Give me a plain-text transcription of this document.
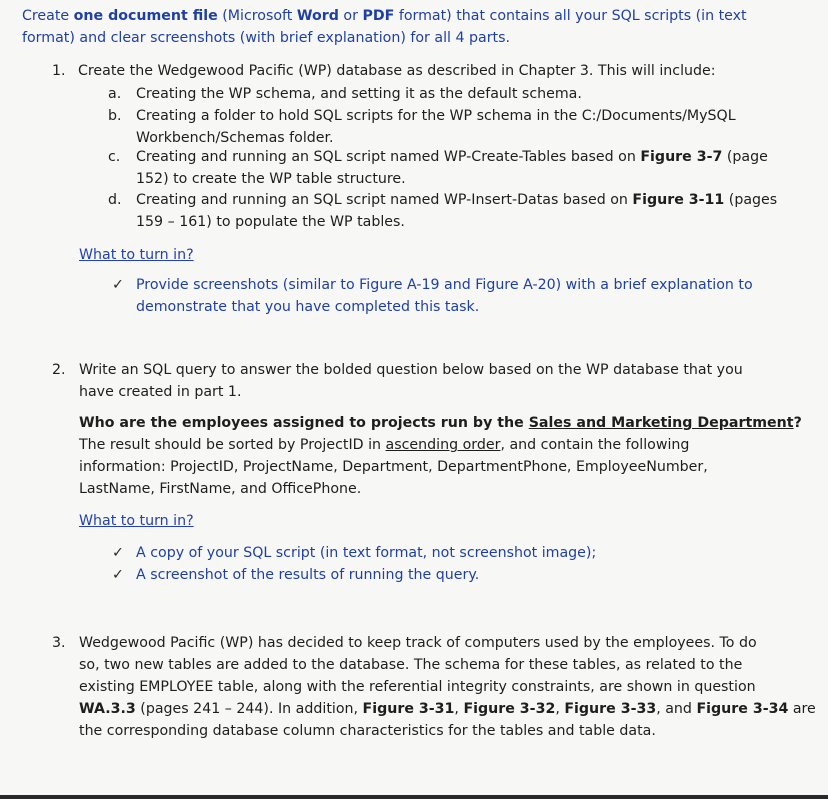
Create one document file (Microsoft Word or PDF format) that contains all your SQL scripts (in text
format) and clear screenshots (with brief explanation) for all 4 parts.
1. Create the Wedgewood Pacific (WP) database as described in Chapter 3. This will include:
a.	Creating the WP schema, and setting it as the default schema.
b.	Creating a folder to hold SQL scripts for the WP schema in the C:/Documents/MySQL
Workbench/Schemas folder.
c.	Creating and running an SQL script named WP-Create-Tables based on Figure 3-7 (page
152) to create the WP table structure.
d.	Creating and running an SQL script named WP-Insert-Datas based on Figure 3-11 (pages
159 – 161) to populate the WP tables.
What to turn in?
✓ Provide screenshots (similar to Figure A-19 and Figure A-20) with a brief explanation to
demonstrate that you have completed this task.
2. Write an SQL query to answer the bolded question below based on the WP database that you
have created in part 1.
Who are the employees assigned to projects run by the Sales and Marketing Department?
The result should be sorted by ProjectID in ascending order, and contain the following
information: ProjectID, ProjectName, Department, DepartmentPhone, EmployeeNumber,
LastName, FirstName, and OfficePhone.
What to turn in?
✓ A copy of your SQL script (in text format, not screenshot image);
✓ A screenshot of the results of running the query.
3. Wedgewood Pacific (WP) has decided to keep track of computers used by the employees. To do
so, two new tables are added to the database. The schema for these tables, as related to the
existing EMPLOYEE table, along with the referential integrity constraints, are shown in question
WA.3.3 (pages 241 – 244). In addition, Figure 3-31, Figure 3-32, Figure 3-33, and Figure 3-34 are
the corresponding database column characteristics for the tables and table data.
